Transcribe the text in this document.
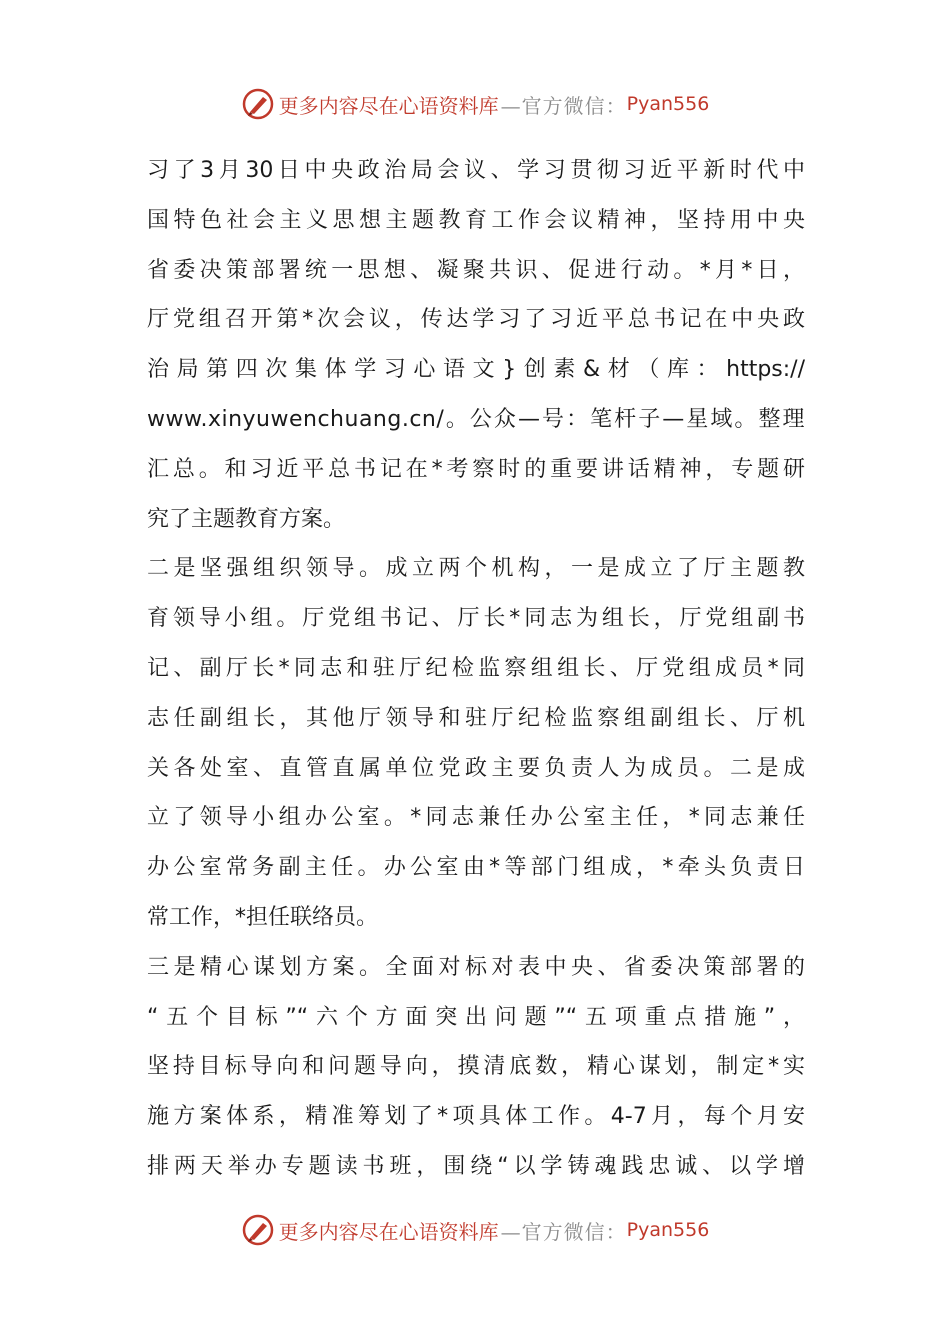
更多内容尽在心语资料库 —官方微信： Pyan556
习了3月30日中央政治局会议、学习贯彻习近平新时代中
国特色社会主义思想主题教育工作会议精神，坚持用中央
省委决策部署统一思想、凝聚共识、促进行动。*月*日，
厅党组召开第*次会议，传达学习了习近平总书记在中央政
治局第四次集体学习心语文}创素&材（库：https://
www.xinyuwenchuang.cn/。公众—号：笔杆子—星域。整理
汇总。和习近平总书记在*考察时的重要讲话精神，专题研
究了主题教育方案。
二是坚强组织领导。成立两个机构，一是成立了厅主题教
育领导小组。厅党组书记、厅长*同志为组长，厅党组副书
记、副厅长*同志和驻厅纪检监察组组长、厅党组成员*同
志任副组长，其他厅领导和驻厅纪检监察组副组长、厅机
关各处室、直管直属单位党政主要负责人为成员。二是成
立了领导小组办公室。*同志兼任办公室主任，*同志兼任
办公室常务副主任。办公室由*等部门组成，*牵头负责日
常工作，*担任联络员。
三是精心谋划方案。全面对标对表中央、省委决策部署的
“五个目标”“六个方面突出问题”“五项重点措施”，
坚持目标导向和问题导向，摸清底数，精心谋划，制定*实
施方案体系，精准筹划了*项具体工作。4-7月，每个月安
排两天举办专题读书班，围绕“以学铸魂践忠诚、以学增
更多内容尽在心语资料库 —官方微信： Pyan556
